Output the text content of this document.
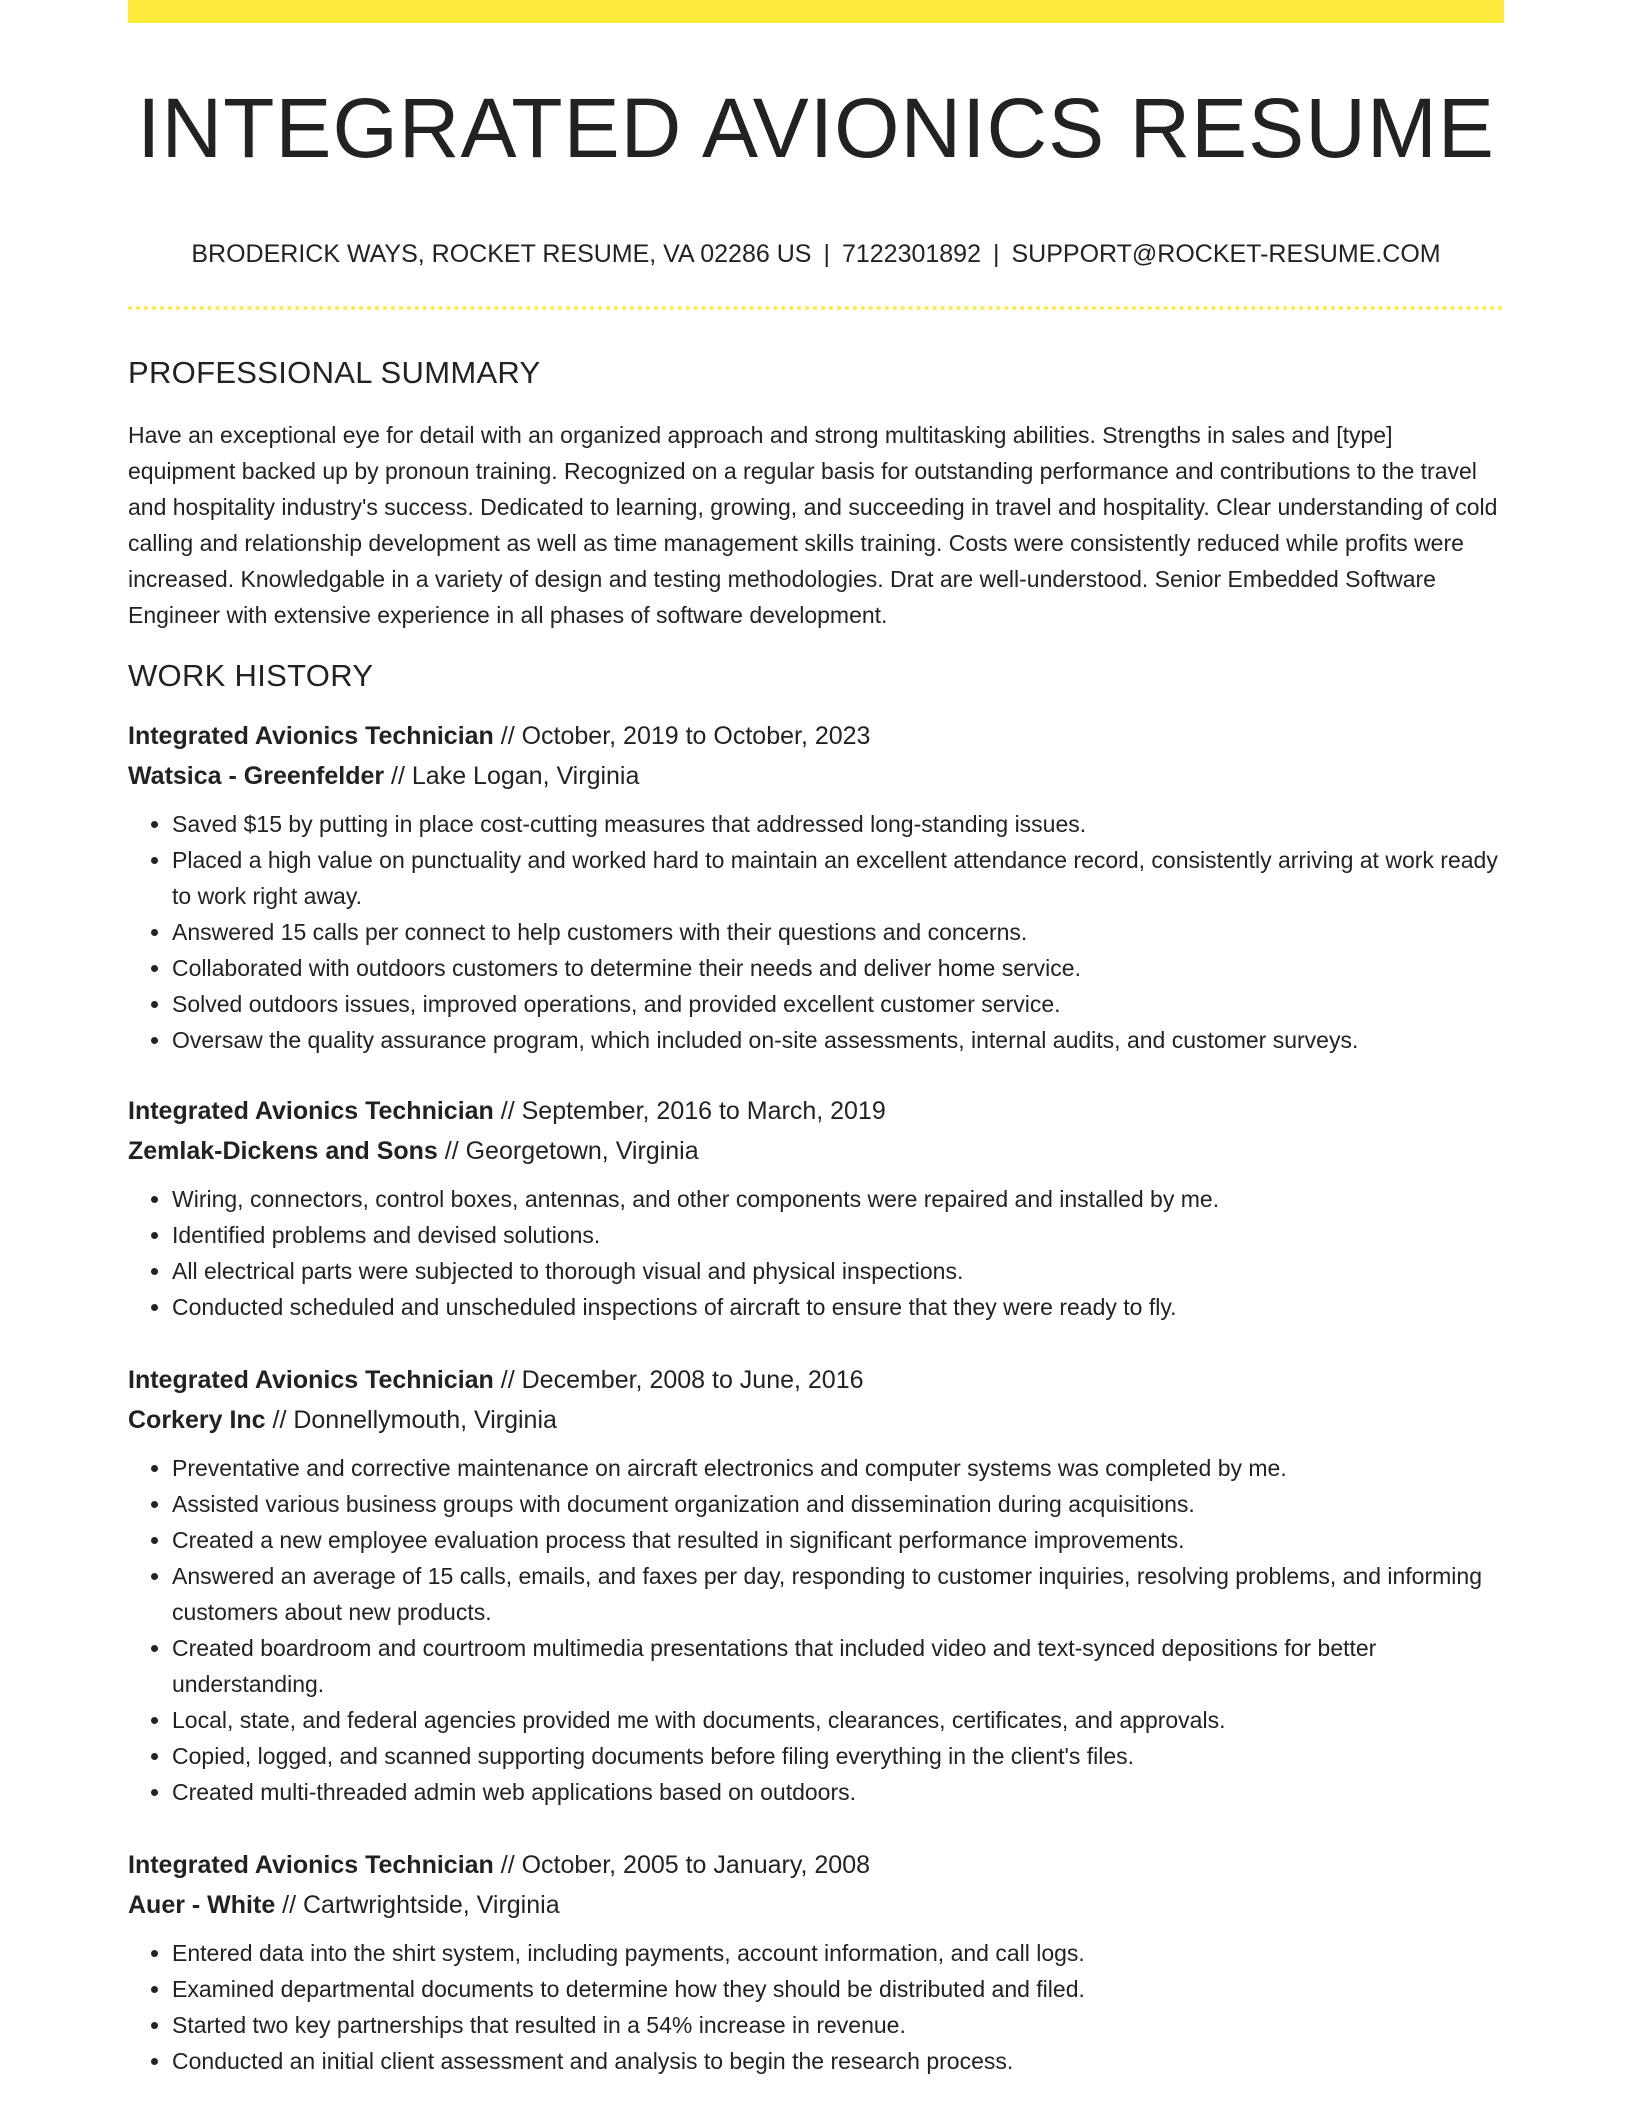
INTEGRATED AVIONICS RESUME
BRODERICK WAYS, ROCKET RESUME, VA 02286 US | 7122301892 | SUPPORT@ROCKET-RESUME.COM
PROFESSIONAL SUMMARY

Have an exceptional eye for detail with an organized approach and strong multitasking abilities. Strengths in sales and [type] equipment backed up by pronoun training. Recognized on a regular basis for outstanding performance and contributions to the travel and hospitality industry's success. Dedicated to learning, growing, and succeeding in travel and hospitality. Clear understanding of cold calling and relationship development as well as time management skills training. Costs were consistently reduced while profits were increased. Knowledgable in a variety of design and testing methodologies. Drat are well-understood. Senior Embedded Software Engineer with extensive experience in all phases of software development.

WORK HISTORY
Integrated Avionics Technician // October, 2019 to October, 2023
Watsica - Greenfelder // Lake Logan, Virginia
• Saved $15 by putting in place cost-cutting measures that addressed long-standing issues.
• Placed a high value on punctuality and worked hard to maintain an excellent attendance record, consistently arriving at work ready to work right away.
• Answered 15 calls per connect to help customers with their questions and concerns.
• Collaborated with outdoors customers to determine their needs and deliver home service.
• Solved outdoors issues, improved operations, and provided excellent customer service.
• Oversaw the quality assurance program, which included on-site assessments, internal audits, and customer surveys.
Integrated Avionics Technician // September, 2016 to March, 2019
Zemlak-Dickens and Sons // Georgetown, Virginia
• Wiring, connectors, control boxes, antennas, and other components were repaired and installed by me.
• Identified problems and devised solutions.
• All electrical parts were subjected to thorough visual and physical inspections.
• Conducted scheduled and unscheduled inspections of aircraft to ensure that they were ready to fly.
Integrated Avionics Technician // December, 2008 to June, 2016
Corkery Inc // Donnellymouth, Virginia
• Preventative and corrective maintenance on aircraft electronics and computer systems was completed by me.
• Assisted various business groups with document organization and dissemination during acquisitions.
• Created a new employee evaluation process that resulted in significant performance improvements.
• Answered an average of 15 calls, emails, and faxes per day, responding to customer inquiries, resolving problems, and informing customers about new products.
• Created boardroom and courtroom multimedia presentations that included video and text-synced depositions for better understanding.
• Local, state, and federal agencies provided me with documents, clearances, certificates, and approvals.
• Copied, logged, and scanned supporting documents before filing everything in the client's files.
• Created multi-threaded admin web applications based on outdoors.
Integrated Avionics Technician // October, 2005 to January, 2008
Auer - White // Cartwrightside, Virginia
• Entered data into the shirt system, including payments, account information, and call logs.
• Examined departmental documents to determine how they should be distributed and filed.
• Started two key partnerships that resulted in a 54% increase in revenue.
• Conducted an initial client assessment and analysis to begin the research process.
